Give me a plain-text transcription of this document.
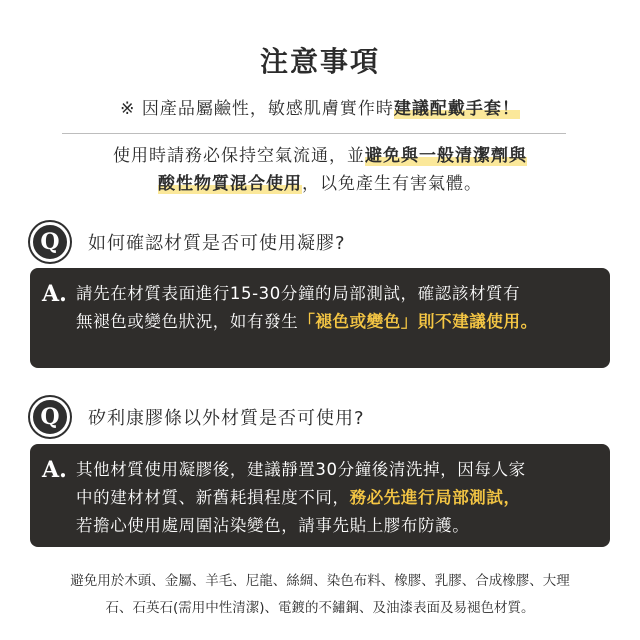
注意事項
※ 因產品屬鹼性，敏感肌膚實作時建議配戴手套！
使用時請務必保持空氣流通，並避免與一般清潔劑與
酸性物質混合使用，以免產生有害氣體。
Q	如何確認材質是否可使用凝膠?
A. 請先在材質表面進行15-30分鐘的局部測試，確認該材質有
無褪色或變色狀況，如有發生「褪色或變色」則不建議使用。
Q	矽利康膠條以外材質是否可使用?
A. 其他材質使用凝膠後，建議靜置30分鐘後清洗掉，因每人家
中的建材材質、新舊耗損程度不同，務必先進行局部測試，
若擔心使用處周圍沾染變色，請事先貼上膠布防護。
避免用於木頭、金屬、羊毛、尼龍、絲綢、染色布料、橡膠、乳膠、合成橡膠、大理
石、石英石(需用中性清潔)、電鍍的不鏽鋼、及油漆表面及易褪色材質。
